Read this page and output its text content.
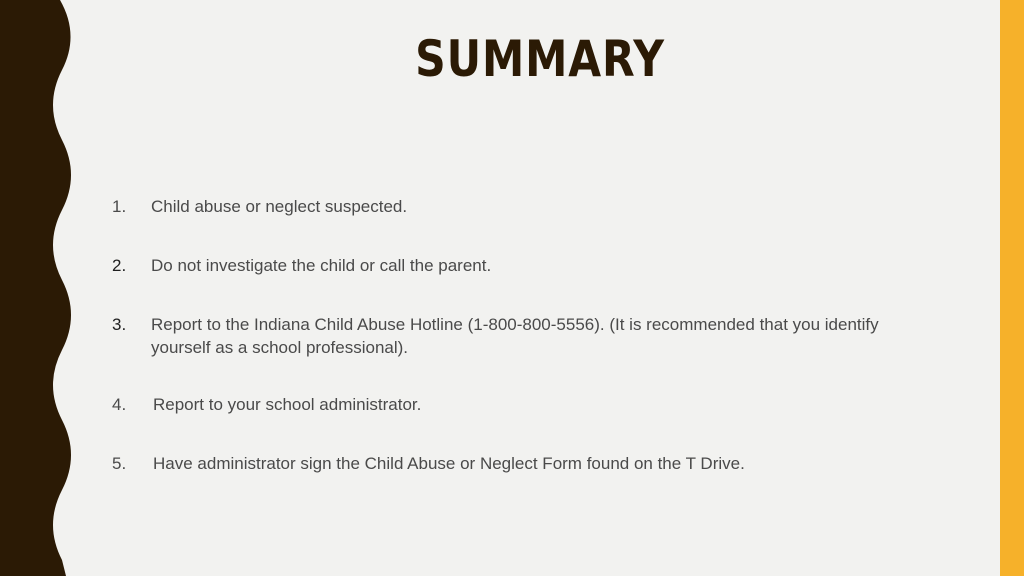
SUMMARY
1. Child abuse or neglect suspected.
2. Do not investigate the child or call the parent.
3. Report to the Indiana Child Abuse Hotline (1-800-800-5556). (It is recommended that you identify yourself as a school professional).
4. Report to your school administrator.
5. Have administrator sign the Child Abuse or Neglect Form found on the T Drive.
